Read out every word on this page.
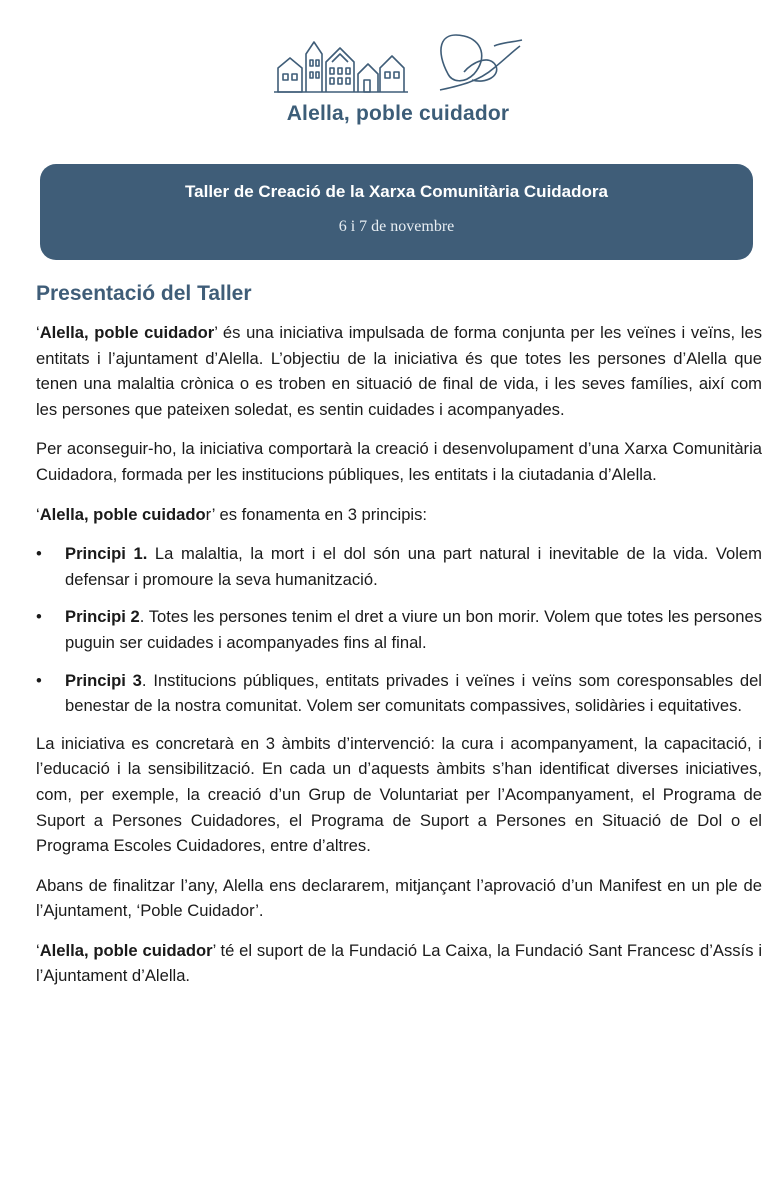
Alella, poble cuidador
Taller de Creació de la Xarxa Comunitària Cuidadora
6 i 7 de novembre
Presentació del Taller

‘Alella, poble cuidador’ és una iniciativa impulsada de forma conjunta per les veïnes i veïns, les entitats i l’ajuntament d’Alella. L’objectiu de la iniciativa és que totes les persones d’Alella que tenen una malaltia crònica o es troben en situació de final de vida, i les seves famílies, així com les persones que pateixen soledat, es sentin cuidades i acompanyades.

Per aconseguir-ho, la iniciativa comportarà la creació i desenvolupament d’una Xarxa Comunitària Cuidadora, formada per les institucions públiques, les entitats i la ciutadania d’Alella.

‘Alella, poble cuidador’ es fonamenta en 3 principis:

• Principi 1. La malaltia, la mort i el dol són una part natural i inevitable de la vida. Volem defensar i promoure la seva humanització.
• Principi 2. Totes les persones tenim el dret a viure un bon morir. Volem que totes les persones puguin ser cuidades i acompanyades fins al final.
• Principi 3. Institucions públiques, entitats privades i veïnes i veïns som coresponsables del benestar de la nostra comunitat. Volem ser comunitats compassives, solidàries i equitatives.

La iniciativa es concretarà en 3 àmbits d’intervenció: la cura i acompanyament, la capacitació, i l’educació i la sensibilització. En cada un d’aquests àmbits s’han identificat diverses iniciatives, com, per exemple, la creació d’un Grup de Voluntariat per l’Acompanyament, el Programa de Suport a Persones Cuidadores, el Programa de Suport a Persones en Situació de Dol o el Programa Escoles Cuidadores, entre d’altres.

Abans de finalitzar l’any, Alella ens declararem, mitjançant l’aprovació d’un Manifest en un ple de l’Ajuntament, ‘Poble Cuidador’.

‘Alella, poble cuidador’ té el suport de la Fundació La Caixa, la Fundació Sant Francesc d’Assís i l’Ajuntament d’Alella.
